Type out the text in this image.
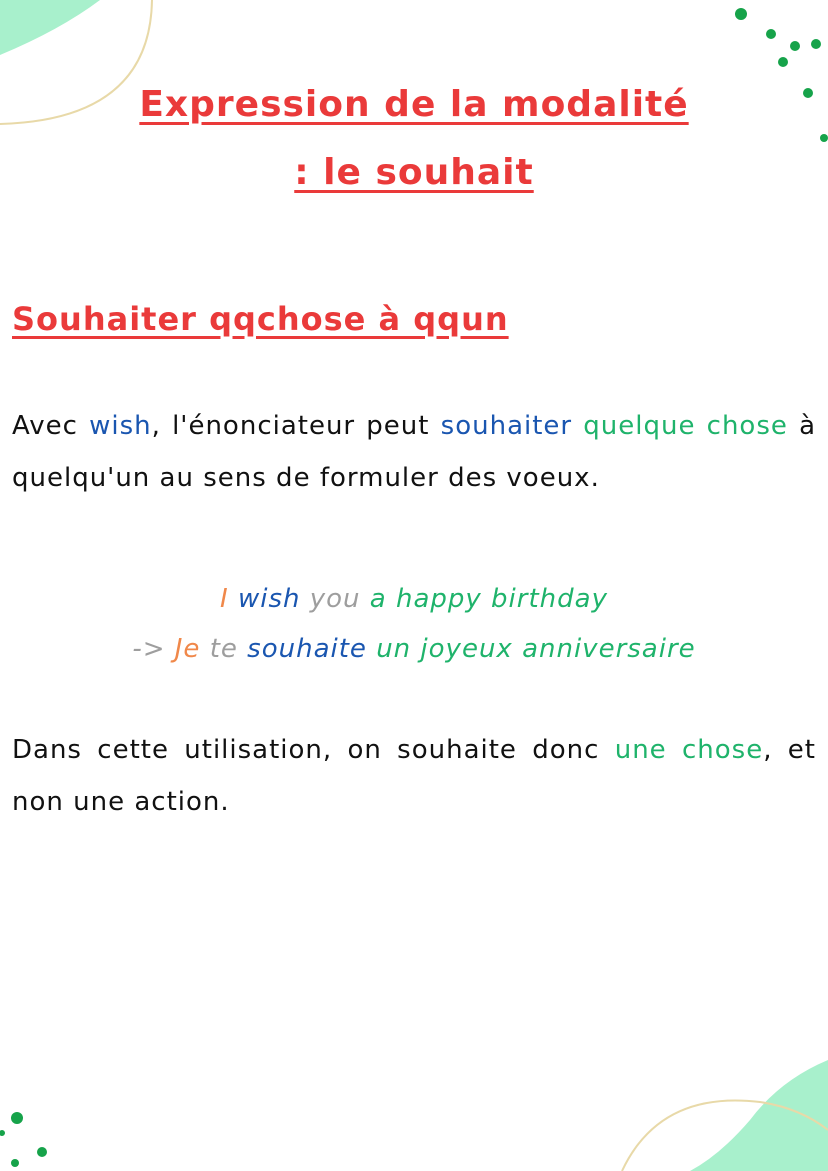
Expression de la modalité
: le souhait
Souhaiter qqchose à qqun

Avec wish, l'énonciateur peut souhaiter quelque chose à quelqu'un au sens de formuler des voeux.

I wish you a happy birthday

-> Je te souhaite un joyeux anniversaire

Dans cette utilisation, on souhaite donc une chose, et non une action.
